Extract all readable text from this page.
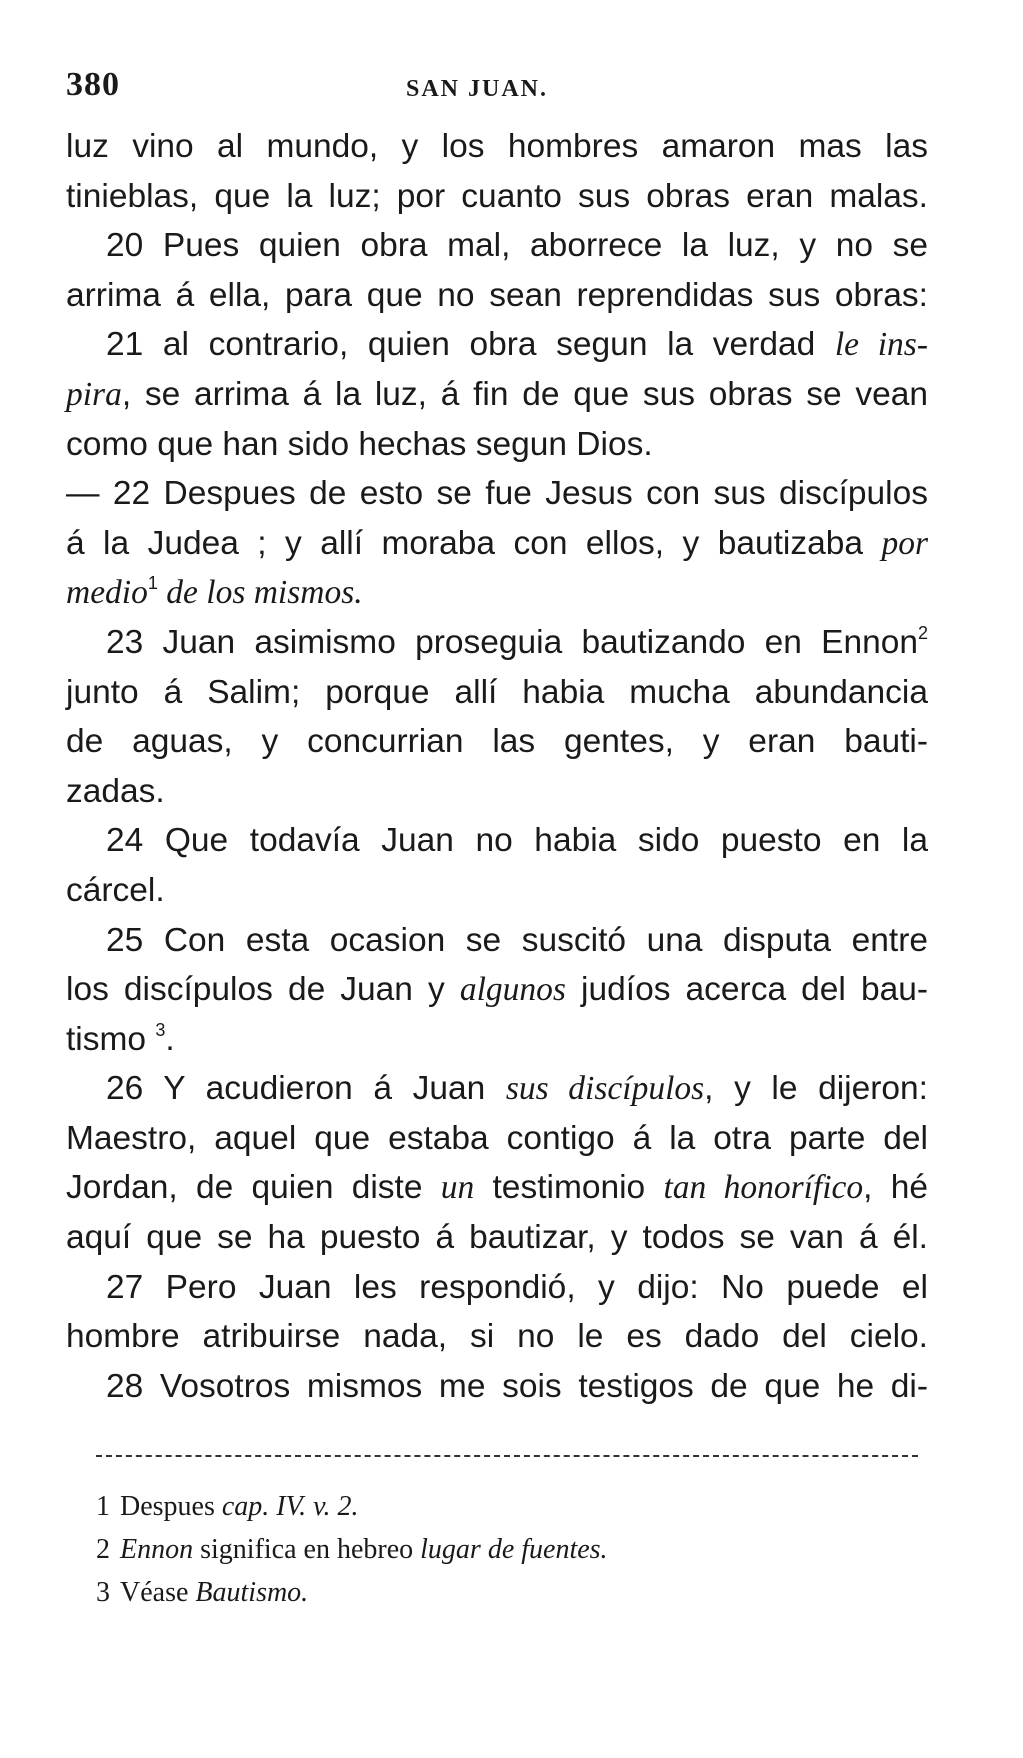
380	SAN JUAN.
luz vino al mundo, y los hombres amaron mas las
tinieblas, que la luz; por cuanto sus obras eran malas.
20 Pues quien obra mal, aborrece la luz, y no se
arrima á ella, para que no sean reprendidas sus obras:
21 al contrario, quien obra segun la verdad le ins-
pira, se arrima á la luz, á fin de que sus obras se vean
como que han sido hechas segun Dios.
— 22 Despues de esto se fue Jesus con sus discípulos
á la Judea ; y allí moraba con ellos, y bautizaba por
medio$^1$ de los mismos.
23 Juan asimismo proseguia bautizando en Ennon$^2$
junto á Salim; porque allí habia mucha abundancia
de aguas, y concurrian las gentes, y eran bauti-
zadas.
24 Que todavía Juan no habia sido puesto en la
cárcel.
25 Con esta ocasion se suscitó una disputa entre
los discípulos de Juan y algunos judíos acerca del bau-
tismo $^3$.
26 Y acudieron á Juan sus discípulos, y le dijeron:
Maestro, aquel que estaba contigo á la otra parte del
Jordan, de quien diste un testimonio tan honorífico, hé
aquí que se ha puesto á bautizar, y todos se van á él.
27 Pero Juan les respondió, y dijo: No puede el
hombre atribuirse nada, si no le es dado del cielo.
28 Vosotros mismos me sois testigos de que he di-
1 Despues cap. IV. v. 2.
2 Ennon significa en hebreo lugar de fuentes.
3 Véase Bautismo.
